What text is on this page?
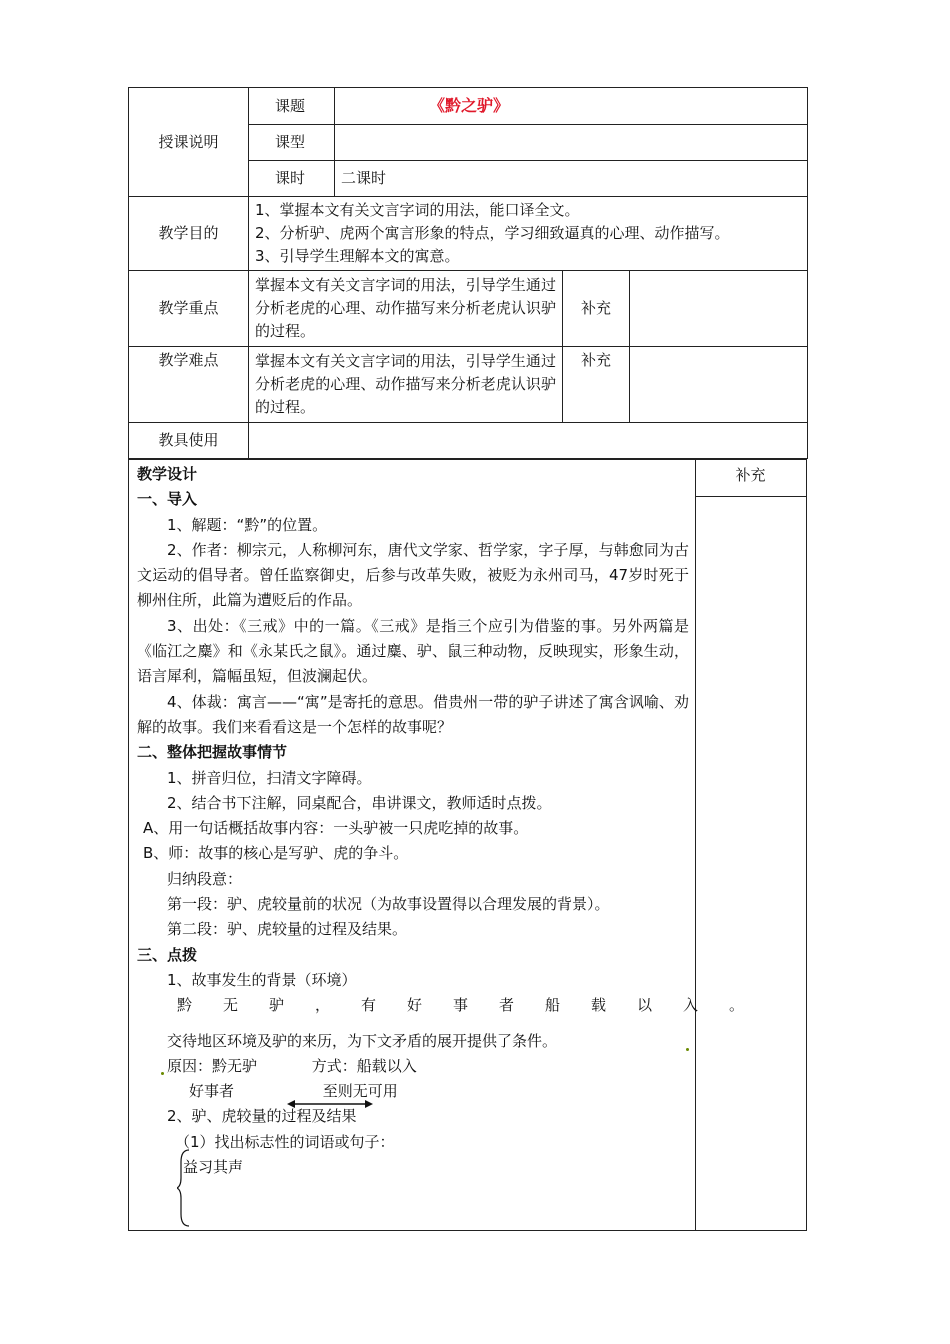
授课说明	课题	《黔之驴》		
	课型			
	课时	二课时		
教学目的	1、掌握本文有关文言字词的用法，能口译全文。
2、分析驴、虎两个寓言形象的特点，学习细致逼真的心理、动作描写。
3、引导学生理解本文的寓意。			

教学重点	掌握本文有关文言字词的用法，引导学生通过分析老虎的心理、动作描写来分析老虎认识驴的过程。		补充	
教学难点	掌握本文有关文言字词的用法，引导学生通过分析老虎的心理、动作描写来分析老虎认识驴的过程。		补充	
教具使用				
补充

教学设计

一、导入

1、解题：“黔”的位置。

2、作者：柳宗元，人称柳河东，唐代文学家、哲学家，字子厚，与韩愈同为古文运动的倡导者。曾任监察御史，后参与改革失败，被贬为永州司马，47岁时死于柳州住所，此篇为遭贬后的作品。

3、出处：《三戒》中的一篇。《三戒》是指三个应引为借鉴的事。另外两篇是《临江之麋》和《永某氏之鼠》。通过麋、驴、鼠三种动物，反映现实，形象生动，语言犀利，篇幅虽短，但波澜起伏。

4、体裁：寓言——“寓”是寄托的意思。借贵州一带的驴子讲述了寓含讽喻、劝解的故事。我们来看看这是一个怎样的故事呢？

二、整体把握故事情节

1、拼音归位，扫清文字障碍。

2、结合书下注解，同桌配合，串讲课文，教师适时点拨。

A、用一句话概括故事内容：一头驴被一只虎吃掉的故事。

B、师：故事的核心是写驴、虎的争斗。

归纳段意：

第一段：驴、虎较量前的状况（为故事设置得以合理发展的背景）。

第二段：驴、虎较量的过程及结果。

三、点拨

1、故事发生的背景（环境）

黔无驴，有好事者船载以入。

交待地区环境及驴的来历，为下文矛盾的展开提供了条件。

原因：黔无驴	方式：船载以入

好事者	至则无可用

2、驴、虎较量的过程及结果

（1）找出标志性的词语或句子：

益习其声
